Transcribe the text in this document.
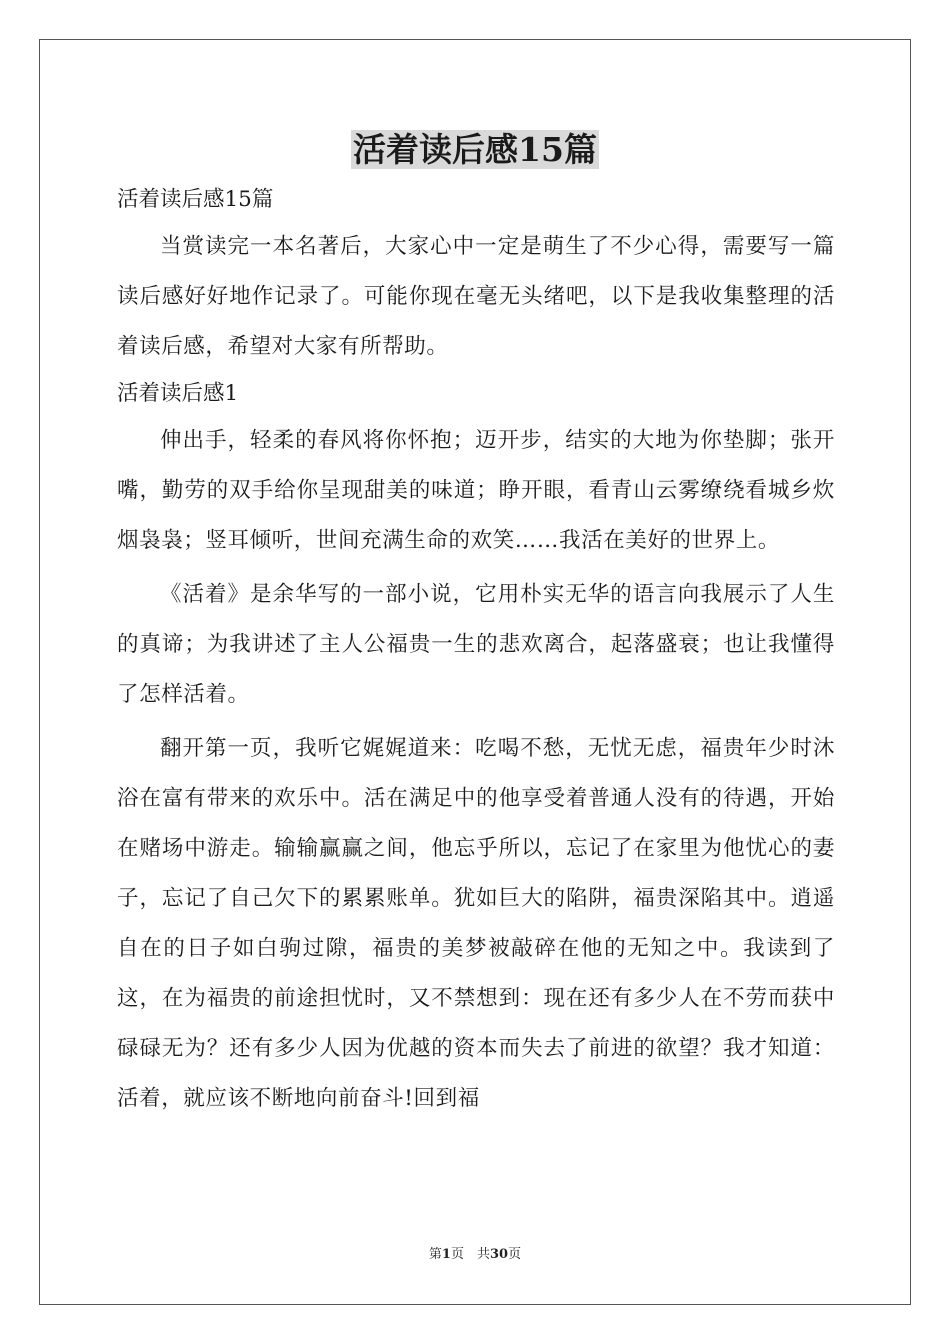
活着读后感15篇

活着读后感15篇

当赏读完一本名著后，大家心中一定是萌生了不少心得，需要写一篇读后感好好地作记录了。可能你现在毫无头绪吧，以下是我收集整理的活着读后感，希望对大家有所帮助。

活着读后感1

伸出手，轻柔的春风将你怀抱；迈开步，结实的大地为你垫脚；张开嘴，勤劳的双手给你呈现甜美的味道；睁开眼，看青山云雾缭绕看城乡炊烟袅袅；竖耳倾听，世间充满生命的欢笑……我活在美好的世界上。

《活着》是余华写的一部小说，它用朴实无华的语言向我展示了人生的真谛；为我讲述了主人公福贵一生的悲欢离合，起落盛衰；也让我懂得了怎样活着。

翻开第一页，我听它娓娓道来：吃喝不愁，无忧无虑，福贵年少时沐浴在富有带来的欢乐中。活在满足中的他享受着普通人没有的待遇，开始在赌场中游走。输输赢赢之间，他忘乎所以，忘记了在家里为他忧心的妻子，忘记了自己欠下的累累账单。犹如巨大的陷阱，福贵深陷其中。逍遥自在的日子如白驹过隙，福贵的美梦被敲碎在他的无知之中。我读到了这，在为福贵的前途担忧时，又不禁想到：现在还有多少人在不劳而获中碌碌无为？还有多少人因为优越的资本而失去了前进的欲望？我才知道：活着，就应该不断地向前奋斗!回到福

第1页　共30页
